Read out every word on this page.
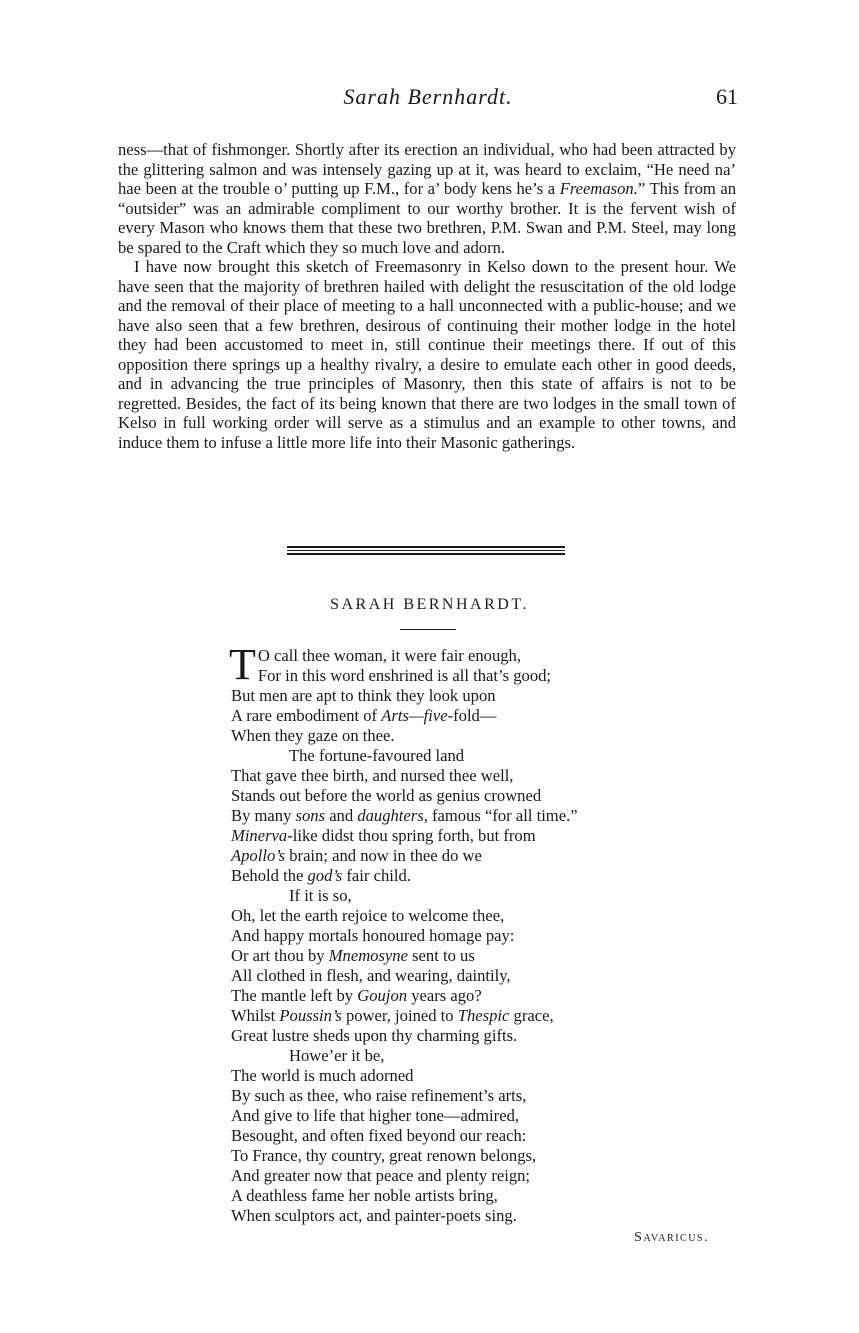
Sarah Bernhardt.	61

ness—that of fishmonger. Shortly after its erection an individual, who had been attracted by the glittering salmon and was intensely gazing up at it, was heard to exclaim, “He need na’ hae been at the trouble o’ putting up F.M., for a’ body kens he’s a Freemason.” This from an “outsider” was an admirable compliment to our worthy brother. It is the fervent wish of every Mason who knows them that these two brethren, P.M. Swan and P.M. Steel, may long be spared to the Craft which they so much love and adorn.

I have now brought this sketch of Freemasonry in Kelso down to the present hour. We have seen that the majority of brethren hailed with delight the resuscitation of the old lodge and the removal of their place of meeting to a hall unconnected with a public-house; and we have also seen that a few brethren, desirous of continuing their mother lodge in the hotel they had been accustomed to meet in, still continue their meetings there. If out of this opposition there springs up a healthy rivalry, a desire to emulate each other in good deeds, and in advancing the true principles of Masonry, then this state of affairs is not to be regretted. Besides, the fact of its being known that there are two lodges in the small town of Kelso in full working order will serve as a stimulus and an example to other towns, and induce them to infuse a little more life into their Masonic gatherings.

SARAH BERNHARDT.
T O call thee woman, it were fair enough,
For in this word enshrined is all that’s good;
But men are apt to think they look upon
A rare embodiment of Arts—five-fold—
When they gaze on thee.
The fortune-favoured land
That gave thee birth, and nursed thee well,
Stands out before the world as genius crowned
By many sons and daughters, famous “for all time.”
Minerva-like didst thou spring forth, but from
Apollo’s brain; and now in thee do we
Behold the god’s fair child.
If it is so,
Oh, let the earth rejoice to welcome thee,
And happy mortals honoured homage pay:
Or art thou by Mnemosyne sent to us
All clothed in flesh, and wearing, daintily,
The mantle left by Goujon years ago?
Whilst Poussin’s power, joined to Thespic grace,
Great lustre sheds upon thy charming gifts.
Howe’er it be,
The world is much adorned
By such as thee, who raise refinement’s arts,
And give to life that higher tone—admired,
Besought, and often fixed beyond our reach:
To France, thy country, great renown belongs,
And greater now that peace and plenty reign;
A deathless fame her noble artists bring,
When sculptors act, and painter-poets sing.
Savaricus.
